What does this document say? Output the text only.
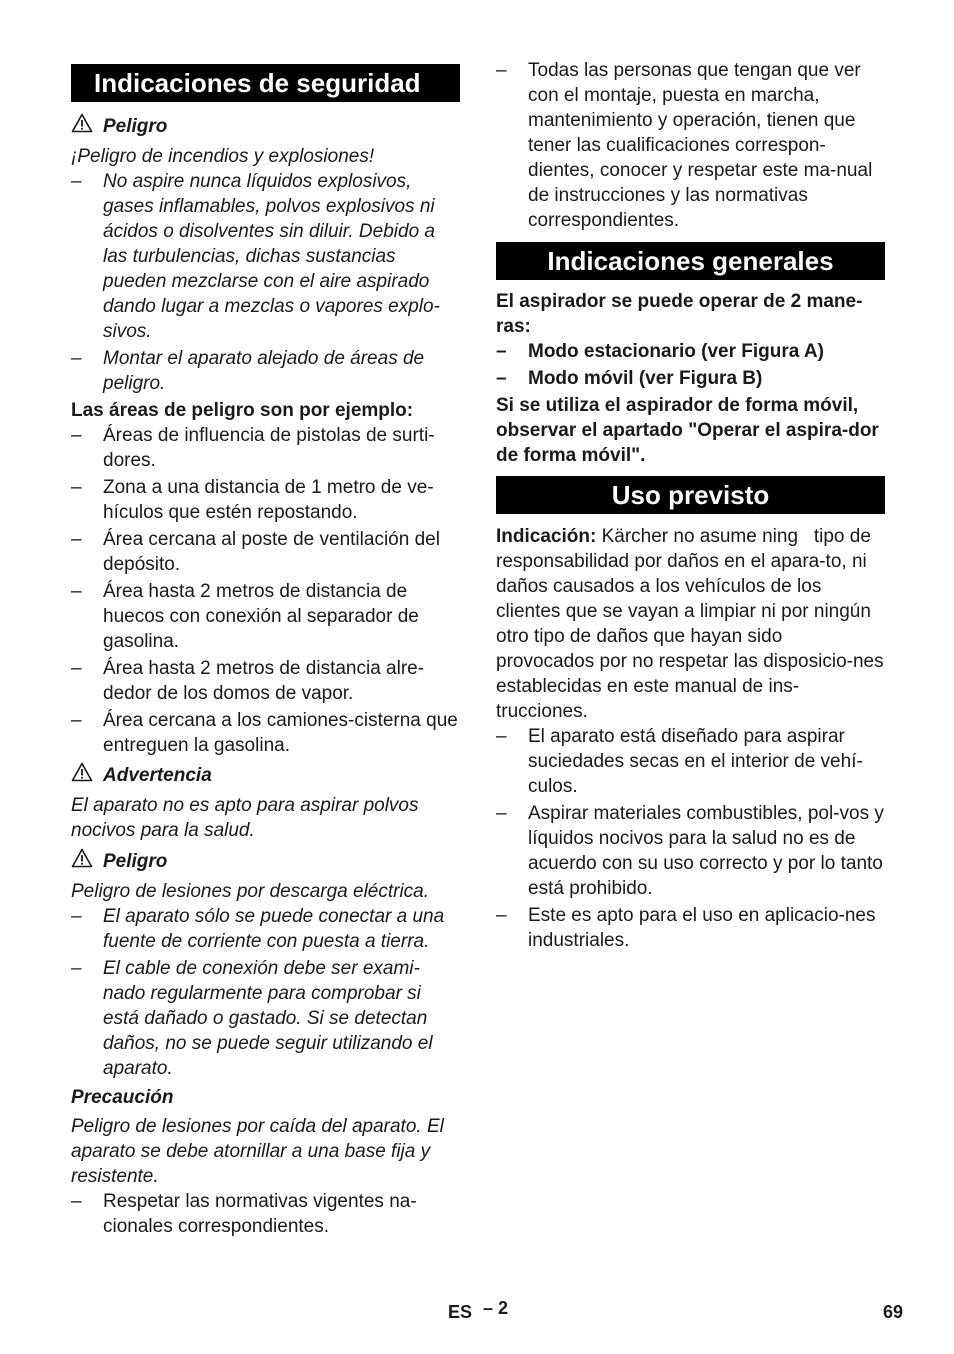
Indicaciones de seguridad
Peligro

¡Peligro de incendios y explosiones!

– No aspire nunca líquidos explosivos, gases inflamables, polvos explosivos ni ácidos o disolventes sin diluir. Debido a las turbulencias, dichas sustancias pueden mezclarse con el aire aspirado dando lugar a mezclas o vapores explo-sivos.
– Montar el aparato alejado de áreas de peligro.

Las áreas de peligro son por ejemplo:

– Áreas de influencia de pistolas de surti-dores.
– Zona a una distancia de 1 metro de ve-hículos que estén repostando.
– Área cercana al poste de ventilación del depósito.
– Área hasta 2 metros de distancia de huecos con conexión al separador de gasolina.
– Área hasta 2 metros de distancia alre-dedor de los domos de vapor.
– Área cercana a los camiones-cisterna que entreguen la gasolina.
Advertencia

El aparato no es apto para aspirar polvos nocivos para la salud.

Peligro

Peligro de lesiones por descarga eléctrica.

– El aparato sólo se puede conectar a una fuente de corriente con puesta a tierra.
– El cable de conexión debe ser exami-nado regularmente para comprobar si está dañado o gastado. Si se detectan daños, no se puede seguir utilizando el aparato.

Precaución

Peligro de lesiones por caída del aparato. El aparato se debe atornillar a una base fija y resistente.

– Respetar las normativas vigentes na-cionales correspondientes.
– Todas las personas que tengan que ver con el montaje, puesta en marcha, mantenimiento y operación, tienen que tener las cualificaciones correspon-dientes, conocer y respetar este ma-nual de instrucciones y las normativas correspondientes.
Indicaciones generales

El aspirador se puede operar de 2 mane-ras:

– Modo estacionario (ver Figura A)
– Modo móvil (ver Figura B)

Si se utiliza el aspirador de forma móvil, observar el apartado "Operar el aspira-dor de forma móvil".

Uso previsto

Indicación: Kärcher no asume ning   tipo de responsabilidad por daños en el apara-to, ni daños causados a los vehículos de los clientes que se vayan a limpiar ni por ningún otro tipo de daños que hayan sido provocados por no respetar las disposicio-nes establecidas en este manual de ins-trucciones.

– El aparato está diseñado para aspirar suciedades secas en el interior de vehí-culos.
– Aspirar materiales combustibles, pol-vos y líquidos nocivos para la salud no es de acuerdo con su uso correcto y por lo tanto está prohibido.
– Este es apto para el uso en aplicacio-nes industriales.
ES – 2	69
